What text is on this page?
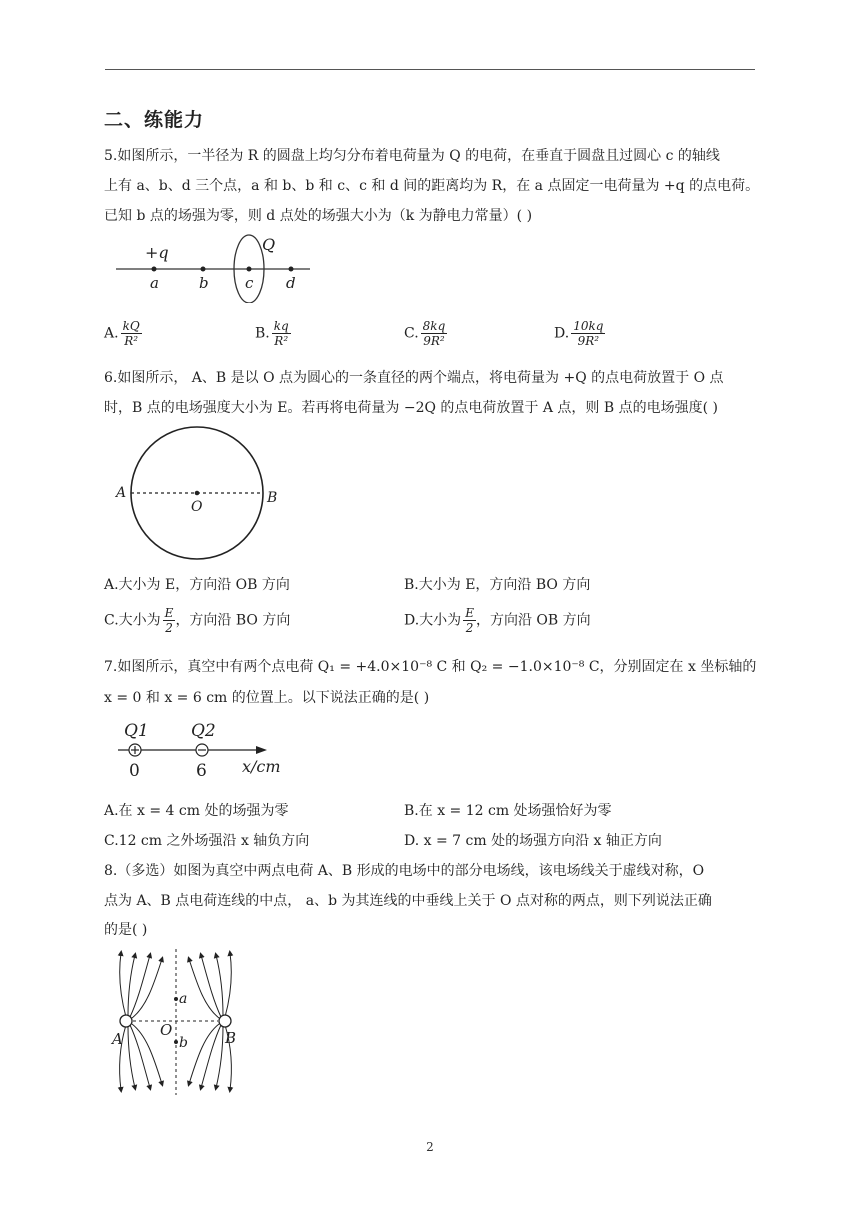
二、练能力
5.如图所示，一半径为 R 的圆盘上均匀分布着电荷量为 Q 的电荷，在垂直于圆盘且过圆心 c 的轴线
上有 a、b、d 三个点，a 和 b、b 和 c、c 和 d 间的距离均为 R，在 a 点固定一电荷量为 +q 的点电荷。
已知 b 点的场强为零，则 d 点处的场强大小为（k 为静电力常量）( )
+q	Q
a	b c d
A. $\frac{kQ}{\text{R²}}$	B. $\frac{kq}{\text{R²}}$	C. $\frac{8kq}{\text{9R²}}$	D. $\frac{10kq}{\text{9R²}}$
6.如图所示， A、B 是以 O 点为圆心的一条直径的两个端点，将电荷量为 +Q 的点电荷放置于 O 点
时，B 点的电场强度大小为 E。若再将电荷量为 −2Q 的点电荷放置于 A 点，则 B 点的电场强度( )
A
O
B
A.大小为 E，方向沿 OB 方向	B.大小为 E，方向沿 BO 方向
C.大小为 $\frac{E}{2}$ ，方向沿 BO 方向	D.大小为 $\frac{E}{2}$ ，方向沿 OB 方向
7.如图所示，真空中有两个点电荷 Q₁ = +4.0×10⁻⁸ C 和 Q₂ = −1.0×10⁻⁸ C，分别固定在 x 坐标轴的
x = 0 和 x = 6 cm 的位置上。以下说法正确的是( )
Q1 Q2
0	6 x/cm
A.在 x = 4 cm 处的场强为零	B.在 x = 12 cm 处场强恰好为零
C.12 cm 之外场强沿 x 轴负方向	D. x = 7 cm 处的场强方向沿 x 轴正方向
8.（多选）如图为真空中两点电荷 A、B 形成的电场中的部分电场线，该电场线关于虚线对称，O
点为 A、B 点电荷连线的中点， a、b 为其连线的中垂线上关于 O 点对称的两点，则下列说法正确
的是( )
A	B
O
a
b
2
